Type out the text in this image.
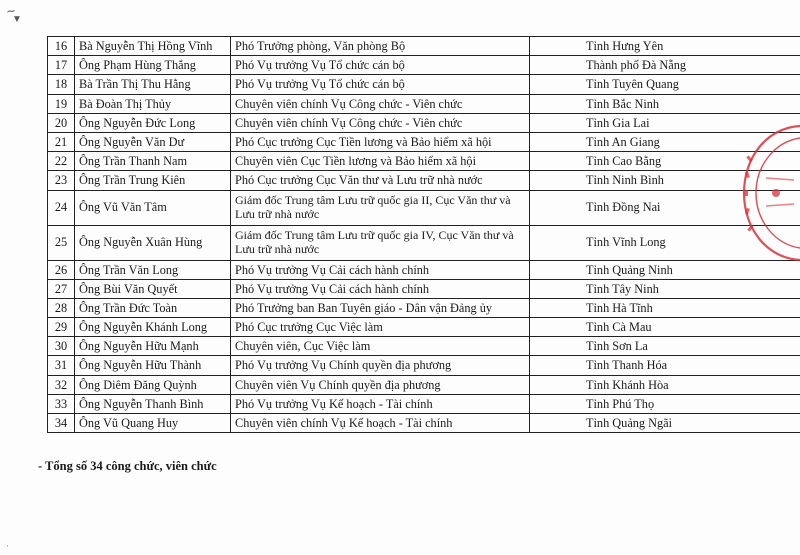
∼
▼
16	Bà Nguyễn Thị Hồng Vĩnh	Phó Trưởng phòng, Văn phòng Bộ	Tỉnh Hưng Yên
17	Ông Phạm Hùng Thắng	Phó Vụ trưởng Vụ Tổ chức cán bộ	Thành phố Đà Nẵng
18	Bà Trần Thị Thu Hằng	Phó Vụ trưởng Vụ Tổ chức cán bộ	Tỉnh Tuyên Quang
19	Bà Đoàn Thị Thủy	Chuyên viên chính Vụ Công chức - Viên chức	Tỉnh Bắc Ninh
20	Ông Nguyễn Đức Long	Chuyên viên chính Vụ Công chức - Viên chức	Tỉnh Gia Lai
21	Ông Nguyễn Văn Dư	Phó Cục trưởng Cục Tiền lương và Bảo hiểm xã hội	Tỉnh An Giang
22	Ông Trần Thanh Nam	Chuyên viên Cục Tiền lương và Bảo hiểm xã hội	Tỉnh Cao Bằng
23	Ông Trần Trung Kiên	Phó Cục trưởng Cục Văn thư và Lưu trữ nhà nước	Tỉnh Ninh Bình
24	Ông Vũ Văn Tâm	Giám đốc Trung tâm Lưu trữ quốc gia II, Cục Văn thư và Lưu trữ nhà nước	Tỉnh Đồng Nai
25	Ông Nguyễn Xuân Hùng	Giám đốc Trung tâm Lưu trữ quốc gia IV, Cục Văn thư và Lưu trữ nhà nước	Tỉnh Vĩnh Long
26	Ông Trần Văn Long	Phó Vụ trưởng Vụ Cải cách hành chính	Tỉnh Quảng Ninh
27	Ông Bùi Văn Quyết	Phó Vụ trưởng Vụ Cải cách hành chính	Tỉnh Tây Ninh
28	Ông Trần Đức Toàn	Phó Trưởng ban Ban Tuyên giáo - Dân vận Đảng ủy	Tỉnh Hà Tĩnh
29	Ông Nguyễn Khánh Long	Phó Cục trưởng Cục Việc làm	Tỉnh Cà Mau
30	Ông Nguyễn Hữu Mạnh	Chuyên viên, Cục Việc làm	Tỉnh Sơn La
31	Ông Nguyễn Hữu Thành	Phó Vụ trưởng Vụ Chính quyền địa phương	Tỉnh Thanh Hóa
32	Ông Diêm Đăng Quỳnh	Chuyên viên Vụ Chính quyền địa phương	Tỉnh Khánh Hòa
33	Ông Nguyễn Thanh Bình	Phó Vụ trưởng Vụ Kế hoạch - Tài chính	Tỉnh Phú Thọ
34	Ông Vũ Quang Huy	Chuyên viên chính Vụ Kế hoạch - Tài chính	Tỉnh Quảng Ngãi
- Tổng số 34 công chức, viên chức
·
